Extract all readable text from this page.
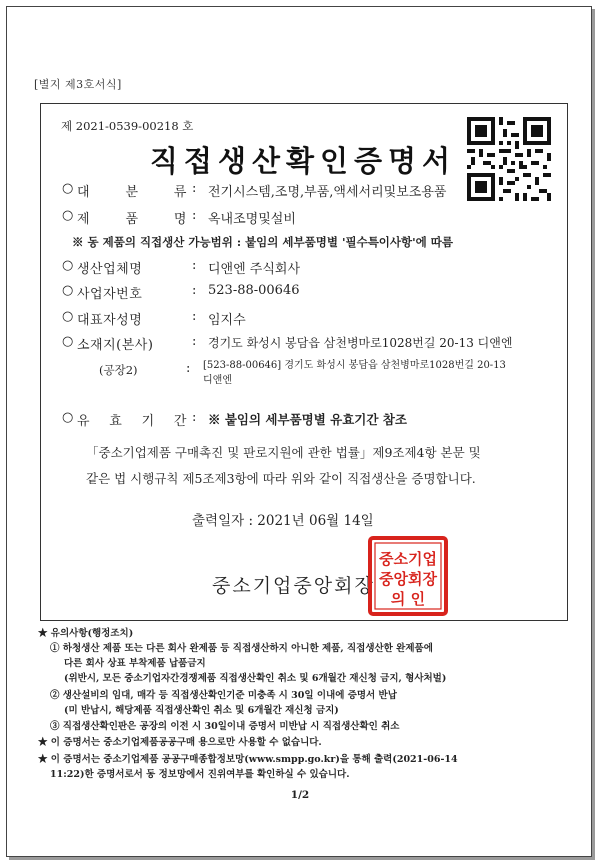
[별지 제3호서식]
제 2021-0539-00218 호
직접생산확인증명서
○ 대 분 류 : 전기시스템,조명,부품,액세서리및보조용품
○ 제 품 명 : 옥내조명및설비
※ 동 제품의 직접생산 가능범위 : 붙임의 세부품명별 '필수특이사항'에 따름
○ 생산업체명	: 디앤엔 주식회사
○ 사업자번호	: 523-88-00646
○ 대표자성명	: 임지수
○ 소재지(본사)	: 경기도 화성시 봉담읍 삼천병마로1028번길 20-13 디앤엔
(공장2)	: [523-88-00646] 경기도 화성시 봉담읍 삼천병마로1028번길 20-13
디앤엔
○ 유 효 기 간 : ※ 붙임의 세부품명별 유효기간 참조
「중소기업제품 구매촉진 및 판로지원에 관한 법률」제9조제4항 본문 및
같은 법 시행규칙 제5조제3항에 따라 위와 같이 직접생산을 증명합니다.
출력일자 : 2021년 06월 14일
중소기업중앙회장
중소기업
중앙회장
의 인
★ 유의사항(행정조치)
① 하청생산 제품 또는 다른 회사 완제품 등 직접생산하지 아니한 제품, 직접생산한 완제품에
다른 회사 상표 부착제품 납품금지
(위반시, 모든 중소기업자간경쟁제품 직접생산확인 취소 및 6개월간 재신청 금지, 형사처벌)
② 생산설비의 임대, 매각 등 직접생산확인기준 미충족 시 30일 이내에 증명서 반납
(미 반납시, 해당제품 직접생산확인 취소 및 6개월간 재신청 금지)
③ 직접생산확인판은 공장의 이전 시 30일이내 증명서 미반납 시 직접생산확인 취소
★ 이 증명서는 중소기업제품공공구매 용으로만 사용할 수 없습니다.
★ 이 증명서는 중소기업제품 공공구매종합정보망(www.smpp.go.kr)을 통해 출력(2021-06-14
11:22)한 증명서로서 동 정보망에서 진위여부를 확인하실 수 있습니다.
1/2
